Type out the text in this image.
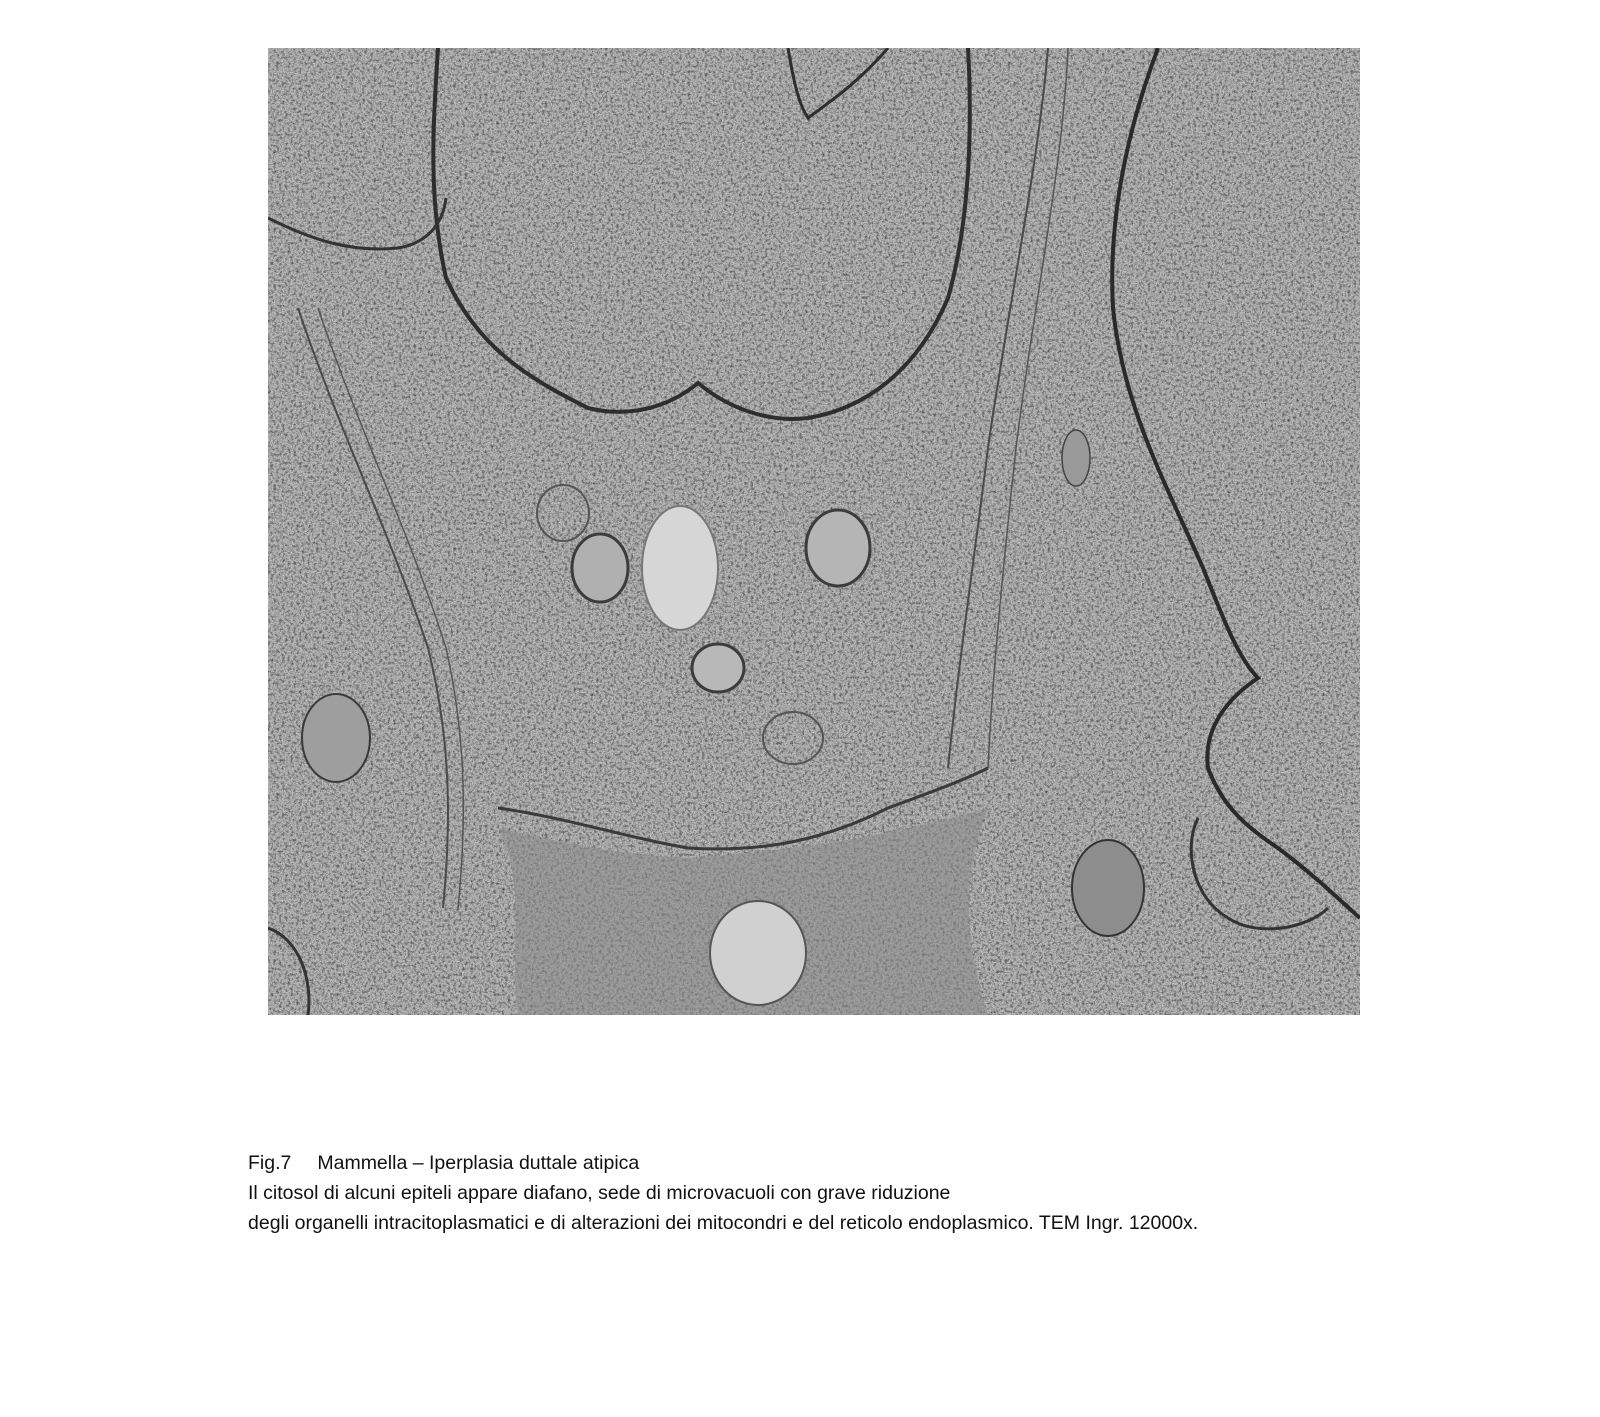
Fig.7 Mammella – Iperplasia duttale atipica
Il citosol di alcuni epiteli appare diafano, sede di microvacuoli con grave riduzione
degli organelli intracitoplasmatici e di alterazioni dei mitocondri e del reticolo endoplasmico. TEM Ingr. 12000x.
